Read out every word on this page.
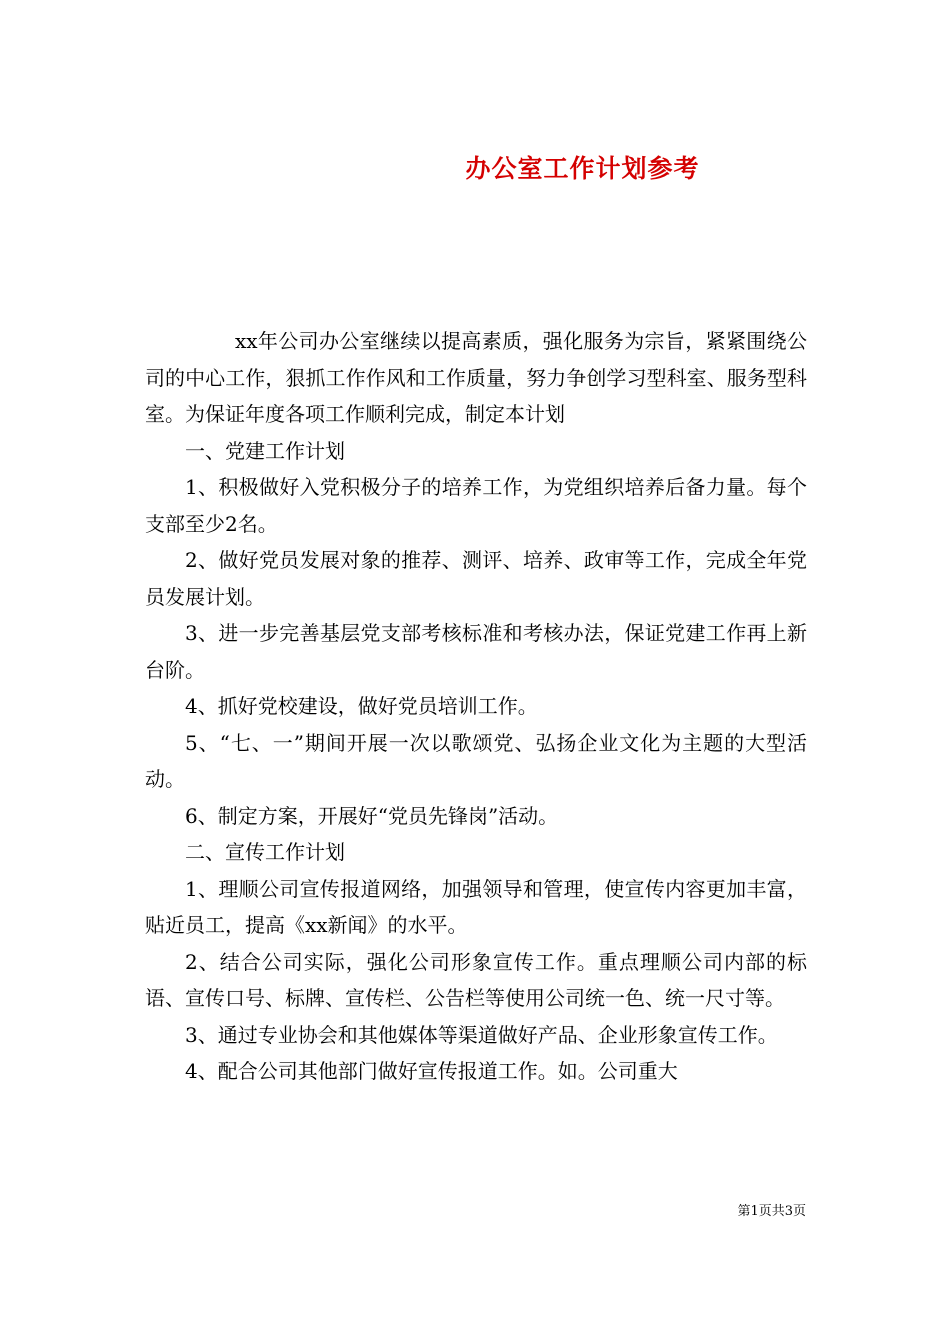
办公室工作计划参考

xx年公司办公室继续以提高素质，强化服务为宗旨，紧紧围绕公司的中心工作，狠抓工作作风和工作质量，努力争创学习型科室、服务型科室。为保证年度各项工作顺利完成，制定本计划

一、党建工作计划

1、积极做好入党积极分子的培养工作，为党组织培养后备力量。每个支部至少2名。

2、做好党员发展对象的推荐、测评、培养、政审等工作，完成全年党员发展计划。

3、进一步完善基层党支部考核标准和考核办法，保证党建工作再上新台阶。

4、抓好党校建设，做好党员培训工作。

5、“七、一”期间开展一次以歌颂党、弘扬企业文化为主题的大型活动。

6、制定方案，开展好“党员先锋岗”活动。

二、宣传工作计划

1、理顺公司宣传报道网络，加强领导和管理，使宣传内容更加丰富，贴近员工，提高《xx新闻》的水平。

2、结合公司实际，强化公司形象宣传工作。重点理顺公司内部的标语、宣传口号、标牌、宣传栏、公告栏等使用公司统一色、统一尺寸等。

3、通过专业协会和其他媒体等渠道做好产品、企业形象宣传工作。

4、配合公司其他部门做好宣传报道工作。如。公司重大

第1页共3页
